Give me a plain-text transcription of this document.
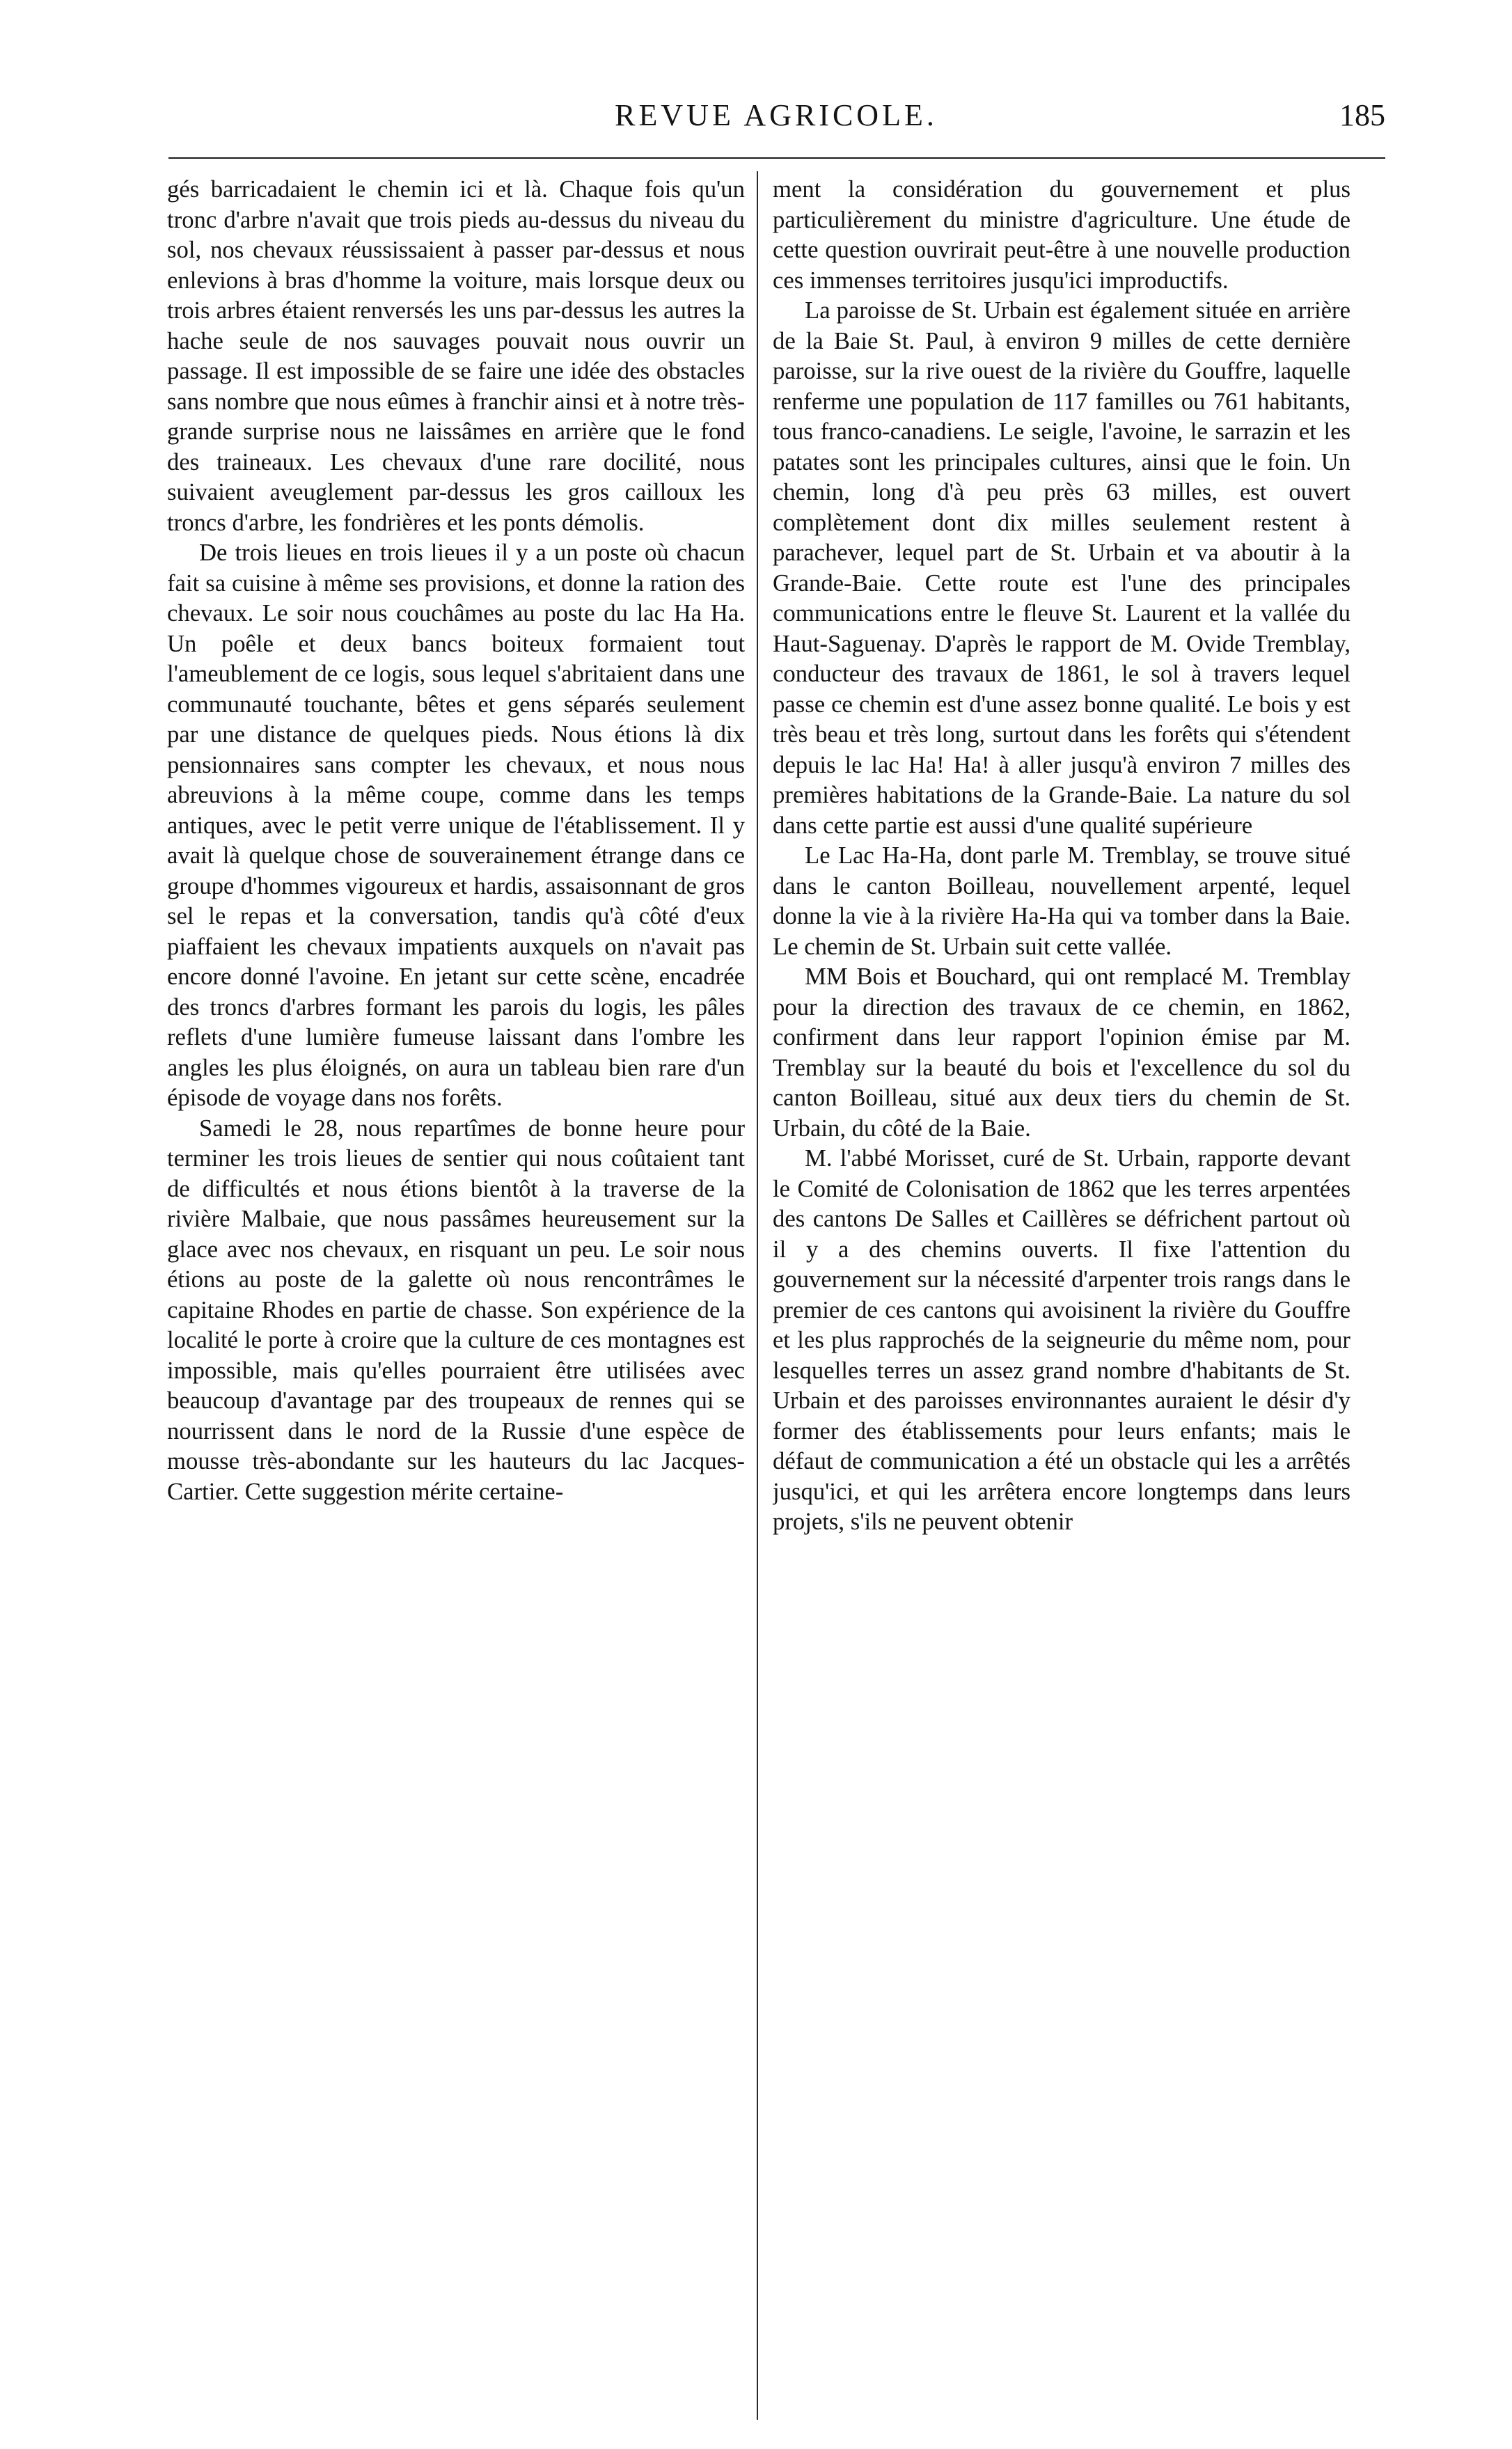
REVUE AGRICOLE.	185

gés barricadaient le chemin ici et là. Chaque fois qu'un tronc d'arbre n'avait que trois pieds au-dessus du niveau du sol, nos chevaux réussissaient à passer par-dessus et nous enlevions à bras d'homme la voiture, mais lorsque deux ou trois arbres étaient renversés les uns par-dessus les autres la hache seule de nos sauvages pouvait nous ouvrir un passage. Il est impossible de se faire une idée des obstacles sans nombre que nous eûmes à franchir ainsi et à notre très-grande surprise nous ne laissâmes en arrière que le fond des traineaux. Les chevaux d'une rare docilité, nous suivaient aveuglement par-dessus les gros cailloux les troncs d'arbre, les fondrières et les ponts démolis.

De trois lieues en trois lieues il y a un poste où chacun fait sa cuisine à même ses provisions, et donne la ration des chevaux. Le soir nous couchâmes au poste du lac Ha Ha. Un poêle et deux bancs boiteux formaient tout l'ameublement de ce logis, sous lequel s'abritaient dans une communauté touchante, bêtes et gens séparés seulement par une distance de quelques pieds. Nous étions là dix pensionnaires sans compter les chevaux, et nous nous abreuvions à la même coupe, comme dans les temps antiques, avec le petit verre unique de l'établissement. Il y avait là quelque chose de souverainement étrange dans ce groupe d'hommes vigoureux et hardis, assaisonnant de gros sel le repas et la conversation, tandis qu'à côté d'eux piaffaient les chevaux impatients auxquels on n'avait pas encore donné l'avoine. En jetant sur cette scène, encadrée des troncs d'arbres formant les parois du logis, les pâles reflets d'une lumière fumeuse laissant dans l'ombre les angles les plus éloignés, on aura un tableau bien rare d'un épisode de voyage dans nos forêts.

Samedi le 28, nous repartîmes de bonne heure pour terminer les trois lieues de sentier qui nous coûtaient tant de difficultés et nous étions bientôt à la traverse de la rivière Malbaie, que nous passâmes heureusement sur la glace avec nos chevaux, en risquant un peu. Le soir nous étions au poste de la galette où nous rencontrâmes le capitaine Rhodes en partie de chasse. Son expérience de la localité le porte à croire que la culture de ces montagnes est impossible, mais qu'elles pourraient être utilisées avec beaucoup d'avantage par des troupeaux de rennes qui se nourrissent dans le nord de la Russie d'une espèce de mousse très-abondante sur les hauteurs du lac Jacques-Cartier. Cette suggestion mérite certaine-

ment la considération du gouvernement et plus particulièrement du ministre d'agriculture. Une étude de cette question ouvrirait peut-être à une nouvelle production ces immenses territoires jusqu'ici improductifs.

La paroisse de St. Urbain est également située en arrière de la Baie St. Paul, à environ 9 milles de cette dernière paroisse, sur la rive ouest de la rivière du Gouffre, laquelle renferme une population de 117 familles ou 761 habitants, tous franco-canadiens. Le seigle, l'avoine, le sarrazin et les patates sont les principales cultures, ainsi que le foin. Un chemin, long d'à peu près 63 milles, est ouvert complètement dont dix milles seulement restent à parachever, lequel part de St. Urbain et va aboutir à la Grande-Baie. Cette route est l'une des principales communications entre le fleuve St. Laurent et la vallée du Haut-Saguenay. D'après le rapport de M. Ovide Tremblay, conducteur des travaux de 1861, le sol à travers lequel passe ce chemin est d'une assez bonne qualité. Le bois y est très beau et très long, surtout dans les forêts qui s'étendent depuis le lac Ha! Ha! à aller jusqu'à environ 7 milles des premières habitations de la Grande-Baie. La nature du sol dans cette partie est aussi d'une qualité supérieure

Le Lac Ha-Ha, dont parle M. Tremblay, se trouve situé dans le canton Boilleau, nouvellement arpenté, lequel donne la vie à la rivière Ha-Ha qui va tomber dans la Baie. Le chemin de St. Urbain suit cette vallée.

MM Bois et Bouchard, qui ont remplacé M. Tremblay pour la direction des travaux de ce chemin, en 1862, confirment dans leur rapport l'opinion émise par M. Tremblay sur la beauté du bois et l'excellence du sol du canton Boilleau, situé aux deux tiers du chemin de St. Urbain, du côté de la Baie.

M. l'abbé Morisset, curé de St. Urbain, rapporte devant le Comité de Colonisation de 1862 que les terres arpentées des cantons De Salles et Caillères se défrichent partout où il y a des chemins ouverts. Il fixe l'attention du gouvernement sur la nécessité d'arpenter trois rangs dans le premier de ces cantons qui avoisinent la rivière du Gouffre et les plus rapprochés de la seigneurie du même nom, pour lesquelles terres un assez grand nombre d'habitants de St. Urbain et des paroisses environnantes auraient le désir d'y former des établissements pour leurs enfants; mais le défaut de communication a été un obstacle qui les a arrêtés jusqu'ici, et qui les arrêtera encore longtemps dans leurs projets, s'ils ne peuvent obtenir
